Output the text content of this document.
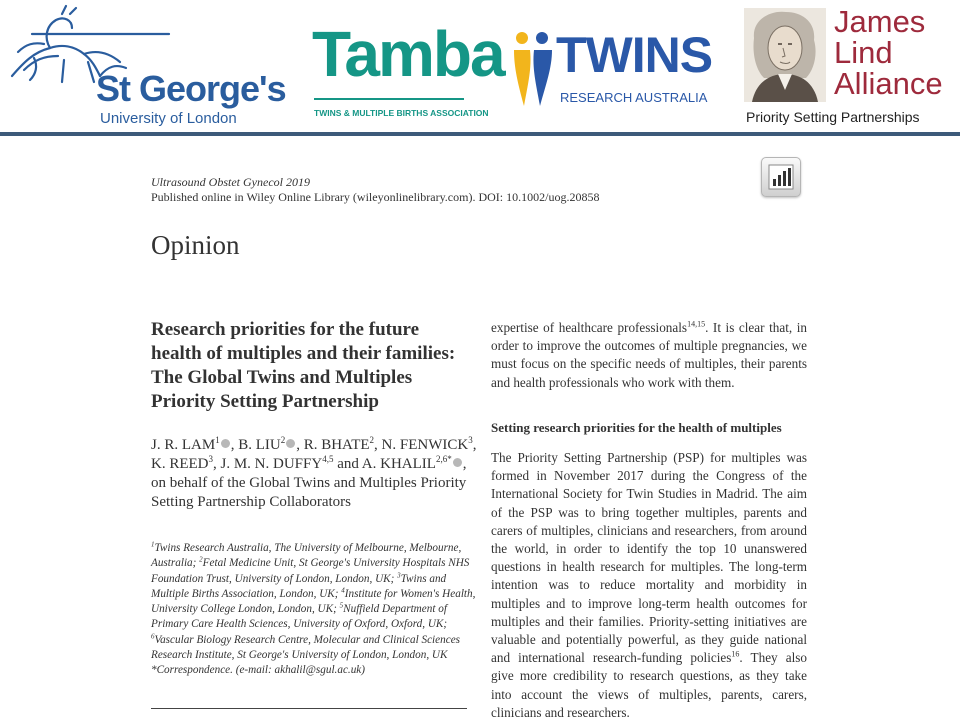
St George's
University of London
Tamba
TWINS & MULTIPLE BIRTHS ASSOCIATION
TWINS
RESEARCH AUSTRALIA
James
Lind
Alliance
Priority Setting Partnerships
Ultrasound Obstet Gynecol 2019
Published online in Wiley Online Library (wileyonlinelibrary.com). DOI: 10.1002/uog.20858
Opinion
Research priorities for the future health of multiples and their families: The Global Twins and Multiples Priority Setting Partnership
J. R. LAM$^1$ , B. LIU$^2$ , R. BHATE$^2$, N. FENWICK$^3$, K. REED$^3$, J. M. N. DUFFY$^{4,5}$ and A. $KHALIL^{2,6*}$ , on behalf of the Global Twins and Multiples Priority Setting Partnership Collaborators
$^1$Twins Research Australia, The University of Melbourne, Melbourne, Australia; $^2$Fetal Medicine Unit, St George's University Hospitals NHS Foundation Trust, University of London, London, UK; $^3$Twins and Multiple Births Association, London, UK; $^4$Institute for Women's Health, University College London, London, UK; $^5$Nuffield Department of Primary Care Health Sciences, University of Oxford, Oxford, UK; $^6$Vascular Biology Research Centre, Molecular and Clinical Sciences Research Institute, St George's University of London, London, UK
*Correspondence. (e-mail: akhalil@sgul.ac.uk)
expertise of healthcare professionals$^{14,15}$. It is clear that, in order to improve the outcomes of multiple pregnancies, we must focus on the specific needs of multiples, their parents and health professionals who work with them.
Setting research priorities for the health of multiples
The Priority Setting Partnership (PSP) for multiples was formed in November 2017 during the Congress of the International Society for Twin Studies in Madrid. The aim of the PSP was to bring together multiples, parents and carers of multiples, clinicians and researchers, from around the world, in order to identify the top 10 unanswered questions in health research for multiples. The long-term intention was to reduce mortality and morbidity in multiples and to improve long-term health outcomes for multiples and their families. Priority-setting initiatives are valuable and potentially powerful, as they guide national and international research-funding policies$^{16}$. They also give more credibility to research questions, as they take into account the views of multiples, parents, carers, clinicians and researchers.
